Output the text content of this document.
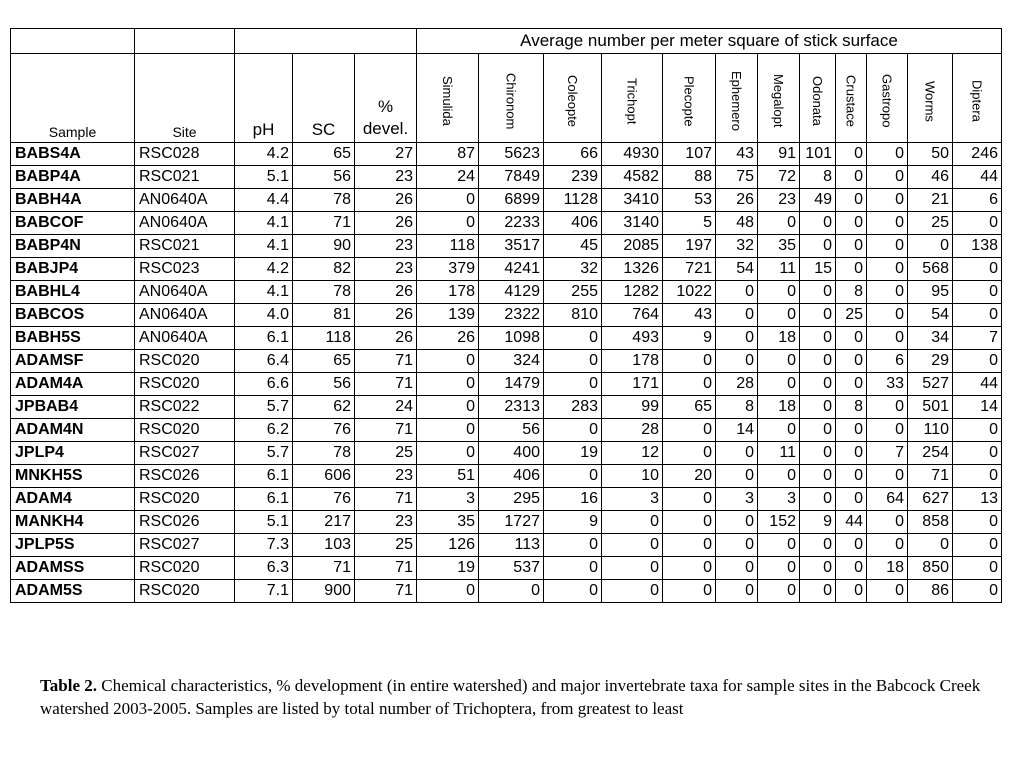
					Average number per meter square of stick surface											
Sample	Site	pH	SC	% devel.	Simulida	Chironom	Coleopte	Trichopt	Plecopte	Ephemero	Megalopt	Odonata	Crustace	Gastropo	Worms	Diptera

BABS4A	RSC028	4.2	65	27	87	5623	66	4930	107	43	91	101	0	0	50	246
BABP4A	RSC021	5.1	56	23	24	7849	239	4582	88	75	72	8	0	0	46	44
BABH4A	AN0640A	4.4	78	26	0	6899	1128	3410	53	26	23	49	0	0	21	6
BABCOF	AN0640A	4.1	71	26	0	2233	406	3140	5	48	0	0	0	0	25	0
BABP4N	RSC021	4.1	90	23	118	3517	45	2085	197	32	35	0	0	0	0	138
BABJP4	RSC023	4.2	82	23	379	4241	32	1326	721	54	11	15	0	0	568	0
BABHL4	AN0640A	4.1	78	26	178	4129	255	1282	1022	0	0	0	8	0	95	0
BABCOS	AN0640A	4.0	81	26	139	2322	810	764	43	0	0	0	25	0	54	0
BABH5S	AN0640A	6.1	118	26	26	1098	0	493	9	0	18	0	0	0	34	7
ADAMSF	RSC020	6.4	65	71	0	324	0	178	0	0	0	0	0	6	29	0
ADAM4A	RSC020	6.6	56	71	0	1479	0	171	0	28	0	0	0	33	527	44
JPBAB4	RSC022	5.7	62	24	0	2313	283	99	65	8	18	0	8	0	501	14
ADAM4N	RSC020	6.2	76	71	0	56	0	28	0	14	0	0	0	0	110	0
JPLP4	RSC027	5.7	78	25	0	400	19	12	0	0	11	0	0	7	254	0
MNKH5S	RSC026	6.1	606	23	51	406	0	10	20	0	0	0	0	0	71	0
ADAM4	RSC020	6.1	76	71	3	295	16	3	0	3	3	0	0	64	627	13
MANKH4	RSC026	5.1	217	23	35	1727	9	0	0	0	152	9	44	0	858	0
JPLP5S	RSC027	7.3	103	25	126	113	0	0	0	0	0	0	0	0	0	0
ADAMSS	RSC020	6.3	71	71	19	537	0	0	0	0	0	0	0	18	850	0
ADAM5S	RSC020	7.1	900	71	0	0	0	0	0	0	0	0	0	0	86	0
Table 2. Chemical characteristics, % development (in entire watershed) and major invertebrate taxa for sample sites in the Babcock Creek watershed 2003-2005. Samples are listed by total number of Trichoptera, from greatest to least
